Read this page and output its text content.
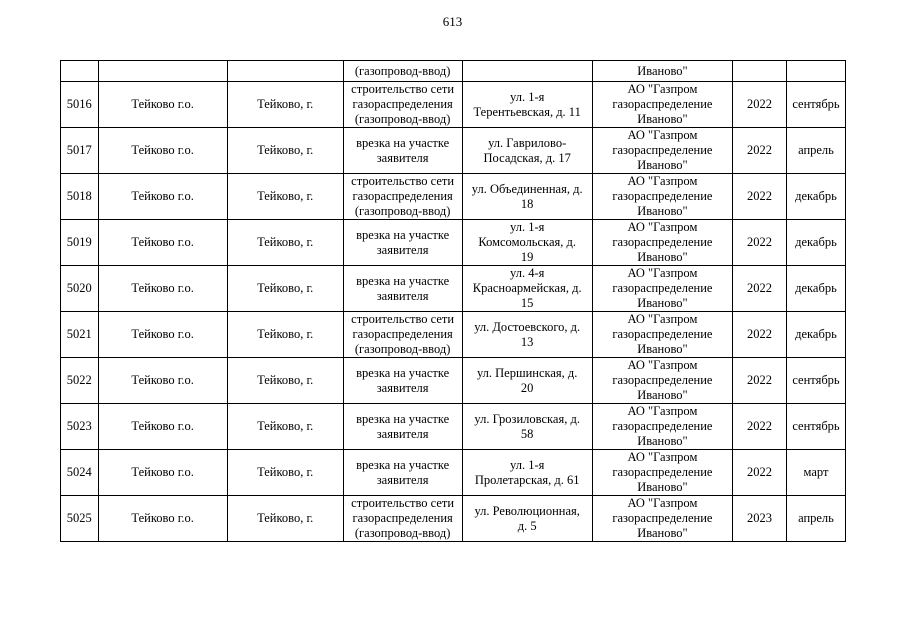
613
			(газопровод-ввод)		Иваново"		
5016	Тейково г.о.	Тейково, г.	строительство сети
газораспределения
(газопровод-ввод)	ул. 1-я
Терентьевская, д. 11	АО "Газпром
газораспределение
Иваново"	2022	сентябрь
5017	Тейково г.о.	Тейково, г.	врезка на участке
заявителя	ул. Гаврилово-
Посадская, д. 17	АО "Газпром
газораспределение
Иваново"	2022	апрель
5018	Тейково г.о.	Тейково, г.	строительство сети
газораспределения
(газопровод-ввод)	ул. Объединенная, д.
18	АО "Газпром
газораспределение
Иваново"	2022	декабрь
5019	Тейково г.о.	Тейково, г.	врезка на участке
заявителя	ул. 1-я
Комсомольская, д.
19	АО "Газпром
газораспределение
Иваново"	2022	декабрь
5020	Тейково г.о.	Тейково, г.	врезка на участке
заявителя	ул. 4-я
Красноармейская, д.
15	АО "Газпром
газораспределение
Иваново"	2022	декабрь
5021	Тейково г.о.	Тейково, г.	строительство сети
газораспределения
(газопровод-ввод)	ул. Достоевского, д.
13	АО "Газпром
газораспределение
Иваново"	2022	декабрь
5022	Тейково г.о.	Тейково, г.	врезка на участке
заявителя	ул. Першинская, д.
20	АО "Газпром
газораспределение
Иваново"	2022	сентябрь
5023	Тейково г.о.	Тейково, г.	врезка на участке
заявителя	ул. Грозиловская, д.
58	АО "Газпром
газораспределение
Иваново"	2022	сентябрь
5024	Тейково г.о.	Тейково, г.	врезка на участке
заявителя	ул. 1-я
Пролетарская, д. 61	АО "Газпром
газораспределение
Иваново"	2022	март
5025	Тейково г.о.	Тейково, г.	строительство сети
газораспределения
(газопровод-ввод)	ул. Революционная,
д. 5	АО "Газпром
газораспределение
Иваново"	2023	апрель
